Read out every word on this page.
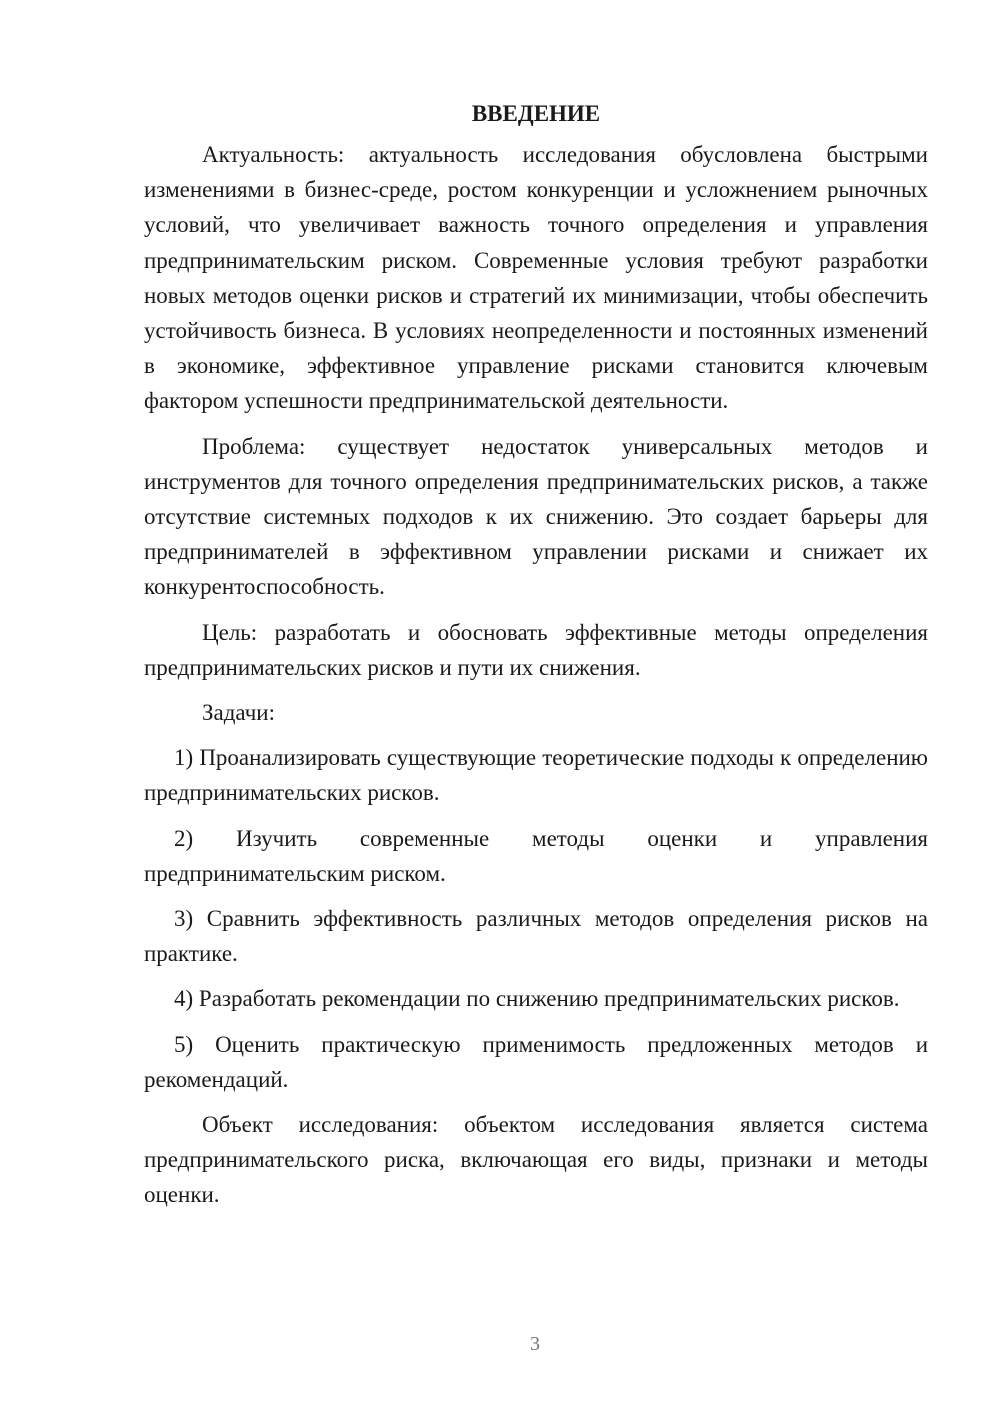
ВВЕДЕНИЕ

Актуальность: актуальность исследования обусловлена быстрыми изменениями в бизнес-среде, ростом конкуренции и усложнением рыночных условий, что увеличивает важность точного определения и управления предпринимательским риском. Современные условия требуют разработки новых методов оценки рисков и стратегий их минимизации, чтобы обеспечить устойчивость бизнеса. В условиях неопределенности и постоянных изменений в экономике, эффективное управление рисками становится ключевым фактором успешности предпринимательской деятельности.

Проблема: существует недостаток универсальных методов и инструментов для точного определения предпринимательских рисков, а также отсутствие системных подходов к их снижению. Это создает барьеры для предпринимателей в эффективном управлении рисками и снижает их конкурентоспособность.

Цель: разработать и обосновать эффективные методы определения предпринимательских рисков и пути их снижения.

Задачи:

1) Проанализировать существующие теоретические подходы к определению предпринимательских рисков.

2) Изучить современные методы оценки и управления предпринимательским риском.

3) Сравнить эффективность различных методов определения рисков на практике.

4) Разработать рекомендации по снижению предпринимательских рисков.

5) Оценить практическую применимость предложенных методов и рекомендаций.

Объект исследования: объектом исследования является система предпринимательского риска, включающая его виды, признаки и методы оценки.

3
